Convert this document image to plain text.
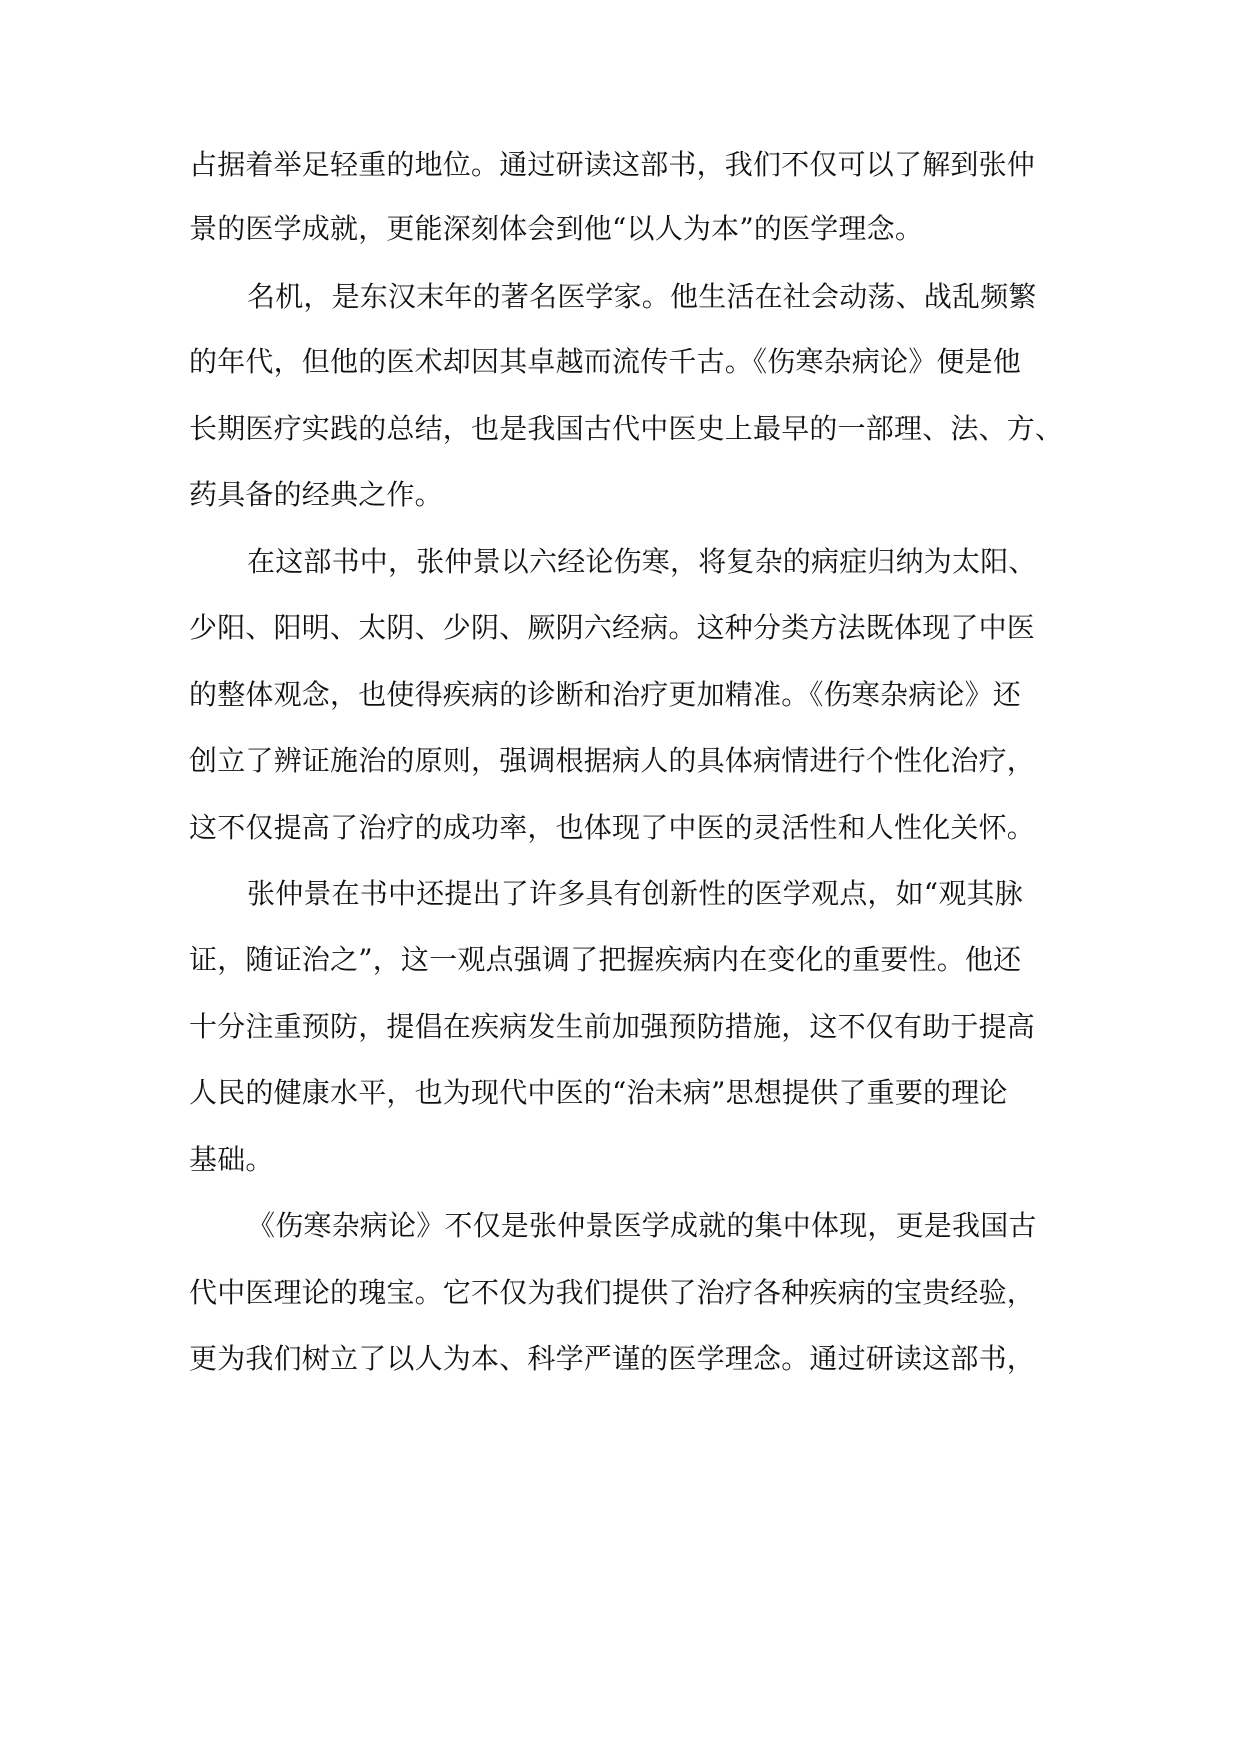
占据着举足轻重的地位。通过研读这部书，我们不仅可以了解到张仲
景的医学成就，更能深刻体会到他“以人为本”的医学理念。
名机，是东汉末年的著名医学家。他生活在社会动荡、战乱频繁
的年代，但他的医术却因其卓越而流传千古。《伤寒杂病论》便是他
长期医疗实践的总结，也是我国古代中医史上最早的一部理、法、方、
药具备的经典之作。
在这部书中，张仲景以六经论伤寒，将复杂的病症归纳为太阳、
少阳、阳明、太阴、少阴、厥阴六经病。这种分类方法既体现了中医
的整体观念，也使得疾病的诊断和治疗更加精准。《伤寒杂病论》还
创立了辨证施治的原则，强调根据病人的具体病情进行个性化治疗，
这不仅提高了治疗的成功率，也体现了中医的灵活性和人性化关怀。
张仲景在书中还提出了许多具有创新性的医学观点，如“观其脉
证，随证治之”，这一观点强调了把握疾病内在变化的重要性。他还
十分注重预防，提倡在疾病发生前加强预防措施，这不仅有助于提高
人民的健康水平，也为现代中医的“治未病”思想提供了重要的理论
基础。
《伤寒杂病论》不仅是张仲景医学成就的集中体现，更是我国古
代中医理论的瑰宝。它不仅为我们提供了治疗各种疾病的宝贵经验，
更为我们树立了以人为本、科学严谨的医学理念。通过研读这部书，
